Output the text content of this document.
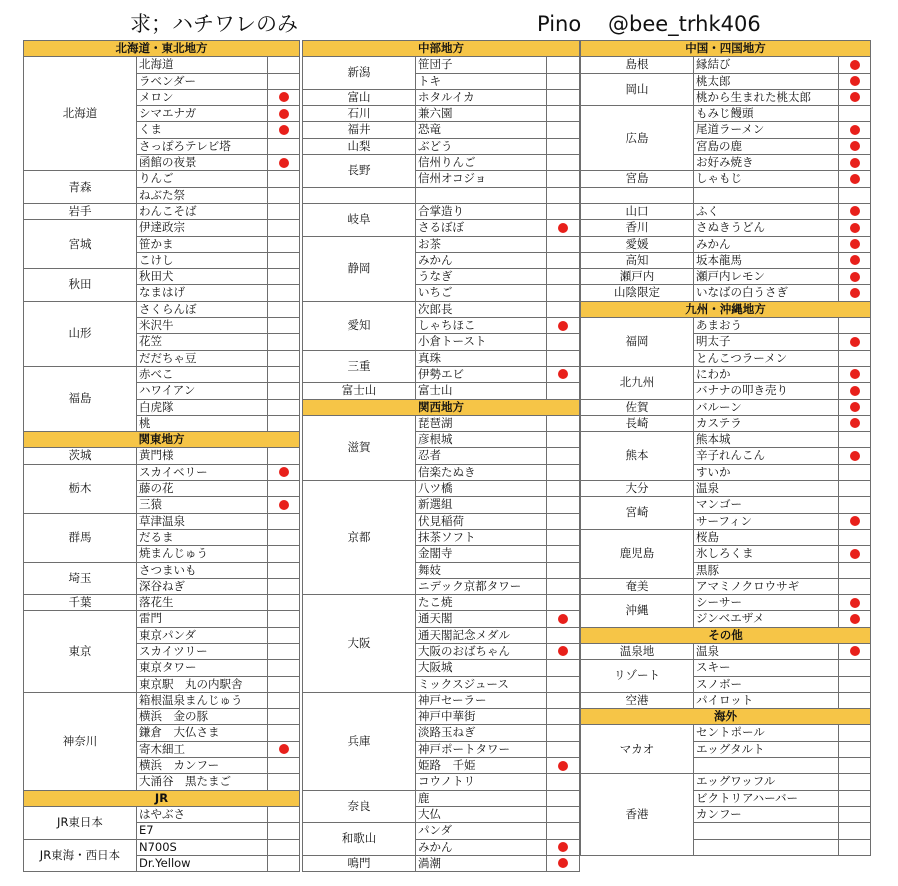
求；ハチワレのみ	Pino @bee_trhk406
北海道・東北地方		
北海道	北海道	
	ラベンダー	
	メロン	
	シマエナガ	
	くま	
	さっぽろテレビ塔	
	函館の夜景	
青森	りんご	
	ねぶた祭	
岩手	わんこそば	
宮城	伊達政宗	
	笹かま	
	こけし	
秋田	秋田犬	
	なまはげ	
山形	さくらんぼ	
	米沢牛	
	花笠	
	だだちゃ豆	
福島	赤べこ	
	ハワイアン	
	白虎隊	
	桃	
関東地方		
茨城	黄門様	
栃木	スカイベリー	
	藤の花	
	三猿	
群馬	草津温泉	
	だるま	
	焼まんじゅう	
埼玉	さつまいも	
	深谷ねぎ	
千葉	落花生	
東京	雷門	
	東京パンダ	
	スカイツリー	
	東京タワー	
	東京駅　丸の内駅舎	
神奈川	箱根温泉まんじゅう	
	横浜　金の豚	
	鎌倉　大仏さま	
	寄木細工	
	横浜　カンフー	
	大涌谷　黒たまご	
JR		
JR東日本	はやぶさ	
	E7	
JR東海・西日本	N700S	
	Dr.Yellow	
中部地方		
新潟	笹団子	
	トキ	
富山	ホタルイカ	
石川	兼六園	
福井	恐竜	
山梨	ぶどう	
長野	信州りんご	
	信州オコジョ	

岐阜	合掌造り	
	さるぼぼ	
静岡	お茶	
	みかん	
	うなぎ	
	いちご	
愛知	次郎長	
	しゃちほこ	
	小倉トースト	
三重	真珠	
	伊勢エビ	
富士山	富士山	
関西地方		
滋賀	琵琶湖	
	彦根城	
	忍者	
	信楽たぬき	
京都	八ツ橋	
	新選組	
	伏見稲荷	
	抹茶ソフト	
	金閣寺	
	舞妓	
	ニデック京都タワー	
大阪	たこ焼	
	通天閣	
	通天閣記念メダル	
	大阪のおばちゃん	
	大阪城	
	ミックスジュース	
兵庫	神戸セーラー	
	神戸中華街	
	淡路玉ねぎ	
	神戸ポートタワー	
	姫路　千姫	
	コウノトリ	
奈良	鹿	
	大仏	
和歌山	パンダ	
	みかん	
鳴門	渦潮	
中国・四国地方		
島根	縁結び	
岡山	桃太郎	
	桃から生まれた桃太郎	
広島	もみじ饅頭	
	尾道ラーメン	
	宮島の鹿	
	お好み焼き	
宮島	しゃもじ	

山口	ふく	
香川	さぬきうどん	
愛媛	みかん	
高知	坂本龍馬	
瀬戸内	瀬戸内レモン	
山陰限定	いなばの白うさぎ	
九州・沖縄地方		
福岡	あまおう	
	明太子	
	とんこつラーメン	
北九州	にわか	
	バナナの叩き売り	
佐賀	バルーン	
長崎	カステラ	
熊本	熊本城	
	辛子れんこん	
	すいか	
大分	温泉	
宮崎	マンゴー	
	サーフィン	
鹿児島	桜島	
	氷しろくま	
	黒豚	
奄美	アマミノクロウサギ	
沖縄	シーサー	
	ジンベエザメ	
その他		
温泉地	温泉	
リゾート	スキー	
	スノボー	
空港	パイロット	
海外		
マカオ	セントポール	
	エッグタルト	

香港	エッグワッフル	
	ビクトリアハーバー	
	カンフー	
